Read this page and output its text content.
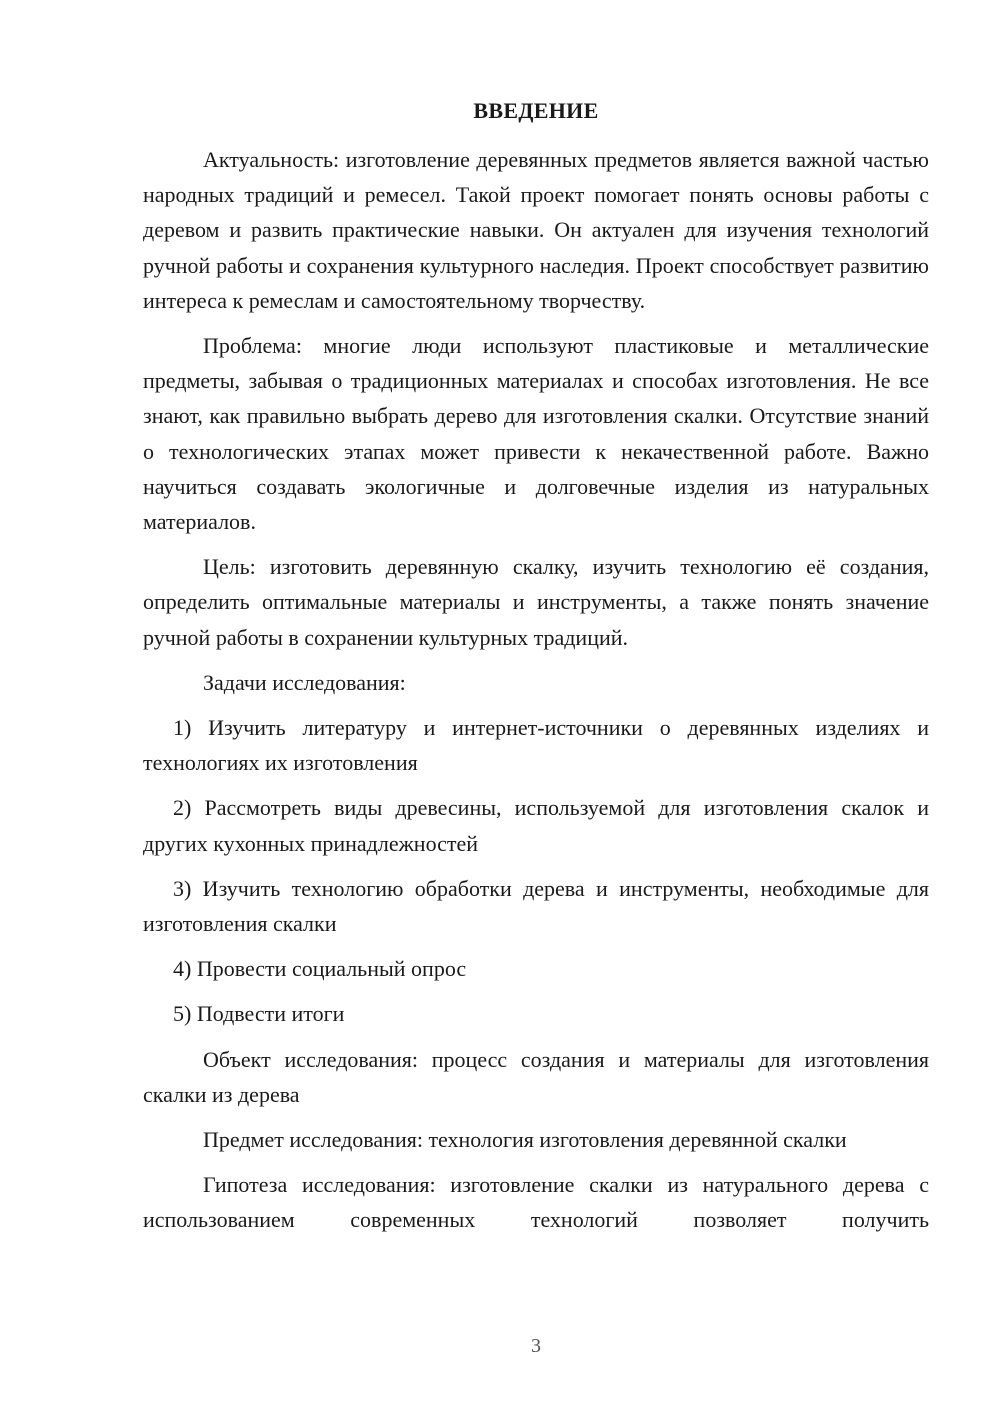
ВВЕДЕНИЕ

Актуальность: изготовление деревянных предметов является важной частью народных традиций и ремесел. Такой проект помогает понять основы работы с деревом и развить практические навыки. Он актуален для изучения технологий ручной работы и сохранения культурного наследия. Проект способствует развитию интереса к ремеслам и самостоятельному творчеству.

Проблема: многие люди используют пластиковые и металлические предметы, забывая о традиционных материалах и способах изготовления. Не все знают, как правильно выбрать дерево для изготовления скалки. Отсутствие знаний о технологических этапах может привести к некачественной работе. Важно научиться создавать экологичные и долговечные изделия из натуральных материалов.

Цель: изготовить деревянную скалку, изучить технологию её создания, определить оптимальные материалы и инструменты, а также понять значение ручной работы в сохранении культурных традиций.

Задачи исследования:

1) Изучить литературу и интернет-источники о деревянных изделиях и технологиях их изготовления

2) Рассмотреть виды древесины, используемой для изготовления скалок и других кухонных принадлежностей

3) Изучить технологию обработки дерева и инструменты, необходимые для изготовления скалки

4) Провести социальный опрос

5) Подвести итоги

Объект исследования: процесс создания и материалы для изготовления скалки из дерева

Предмет исследования: технология изготовления деревянной скалки

Гипотеза исследования: изготовление скалки из натурального дерева с использованием современных технологий позволяет получить

3
